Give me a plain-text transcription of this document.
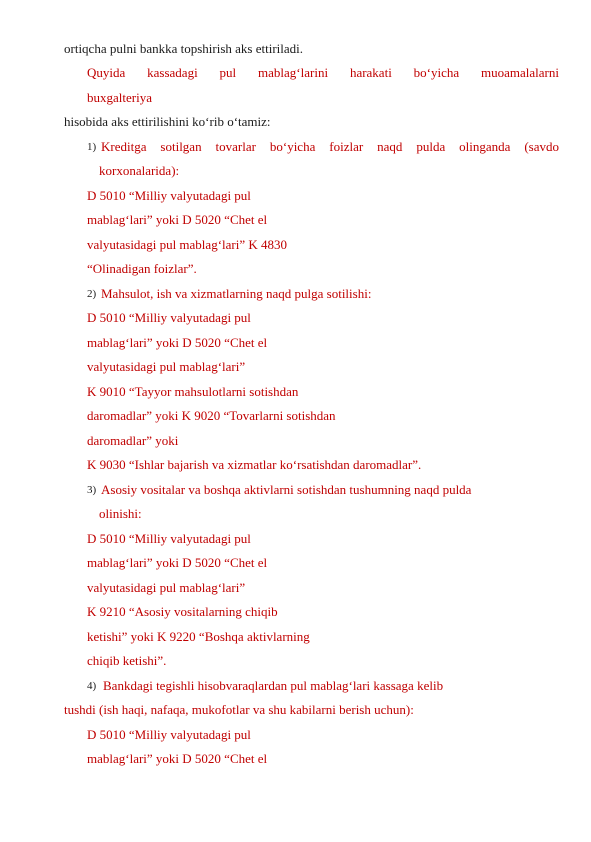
ortiqcha pulni bankka topshirish aks ettiriladi.
Quyida kassadagi pul mablag‘larini harakati bo‘yicha muoamalalarni
buxgalteriya
hisobida aks ettirilishini ko‘rib o‘tamiz:
1) Kreditga sotilgan tovarlar bo‘yicha foizlar naqd pulda olinganda (savdo
korxonalarida):
D 5010 “Milliy valyutadagi pul
mablag‘lari” yoki D 5020 “Chet el
valyutasidagi pul mablag‘lari” K 4830
“Olinadigan foizlar”.
2) Mahsulot, ish va xizmatlarning naqd pulga sotilishi:
D 5010 “Milliy valyutadagi pul
mablag‘lari” yoki D 5020 “Chet el
valyutasidagi pul mablag‘lari”
K 9010 “Tayyor mahsulotlarni sotishdan
daromadlar” yoki K 9020 “Tovarlarni sotishdan
daromadlar” yoki
K 9030 “Ishlar bajarish va xizmatlar ko‘rsatishdan daromadlar”.
3) Asosiy vositalar va boshqa aktivlarni sotishdan tushumning naqd pulda
olinishi:
D 5010 “Milliy valyutadagi pul
mablag‘lari” yoki D 5020 “Chet el
valyutasidagi pul mablag‘lari”
K 9210 “Asosiy vositalarning chiqib
ketishi” yoki K 9220 “Boshqa aktivlarning
chiqib ketishi”.
4) Bankdagi tegishli hisobvaraqlardan pul mablag‘lari kassaga kelib
tushdi (ish haqi, nafaqa, mukofotlar va shu kabilarni berish uchun):
D 5010 “Milliy valyutadagi pul
mablag‘lari” yoki D 5020 “Chet el
